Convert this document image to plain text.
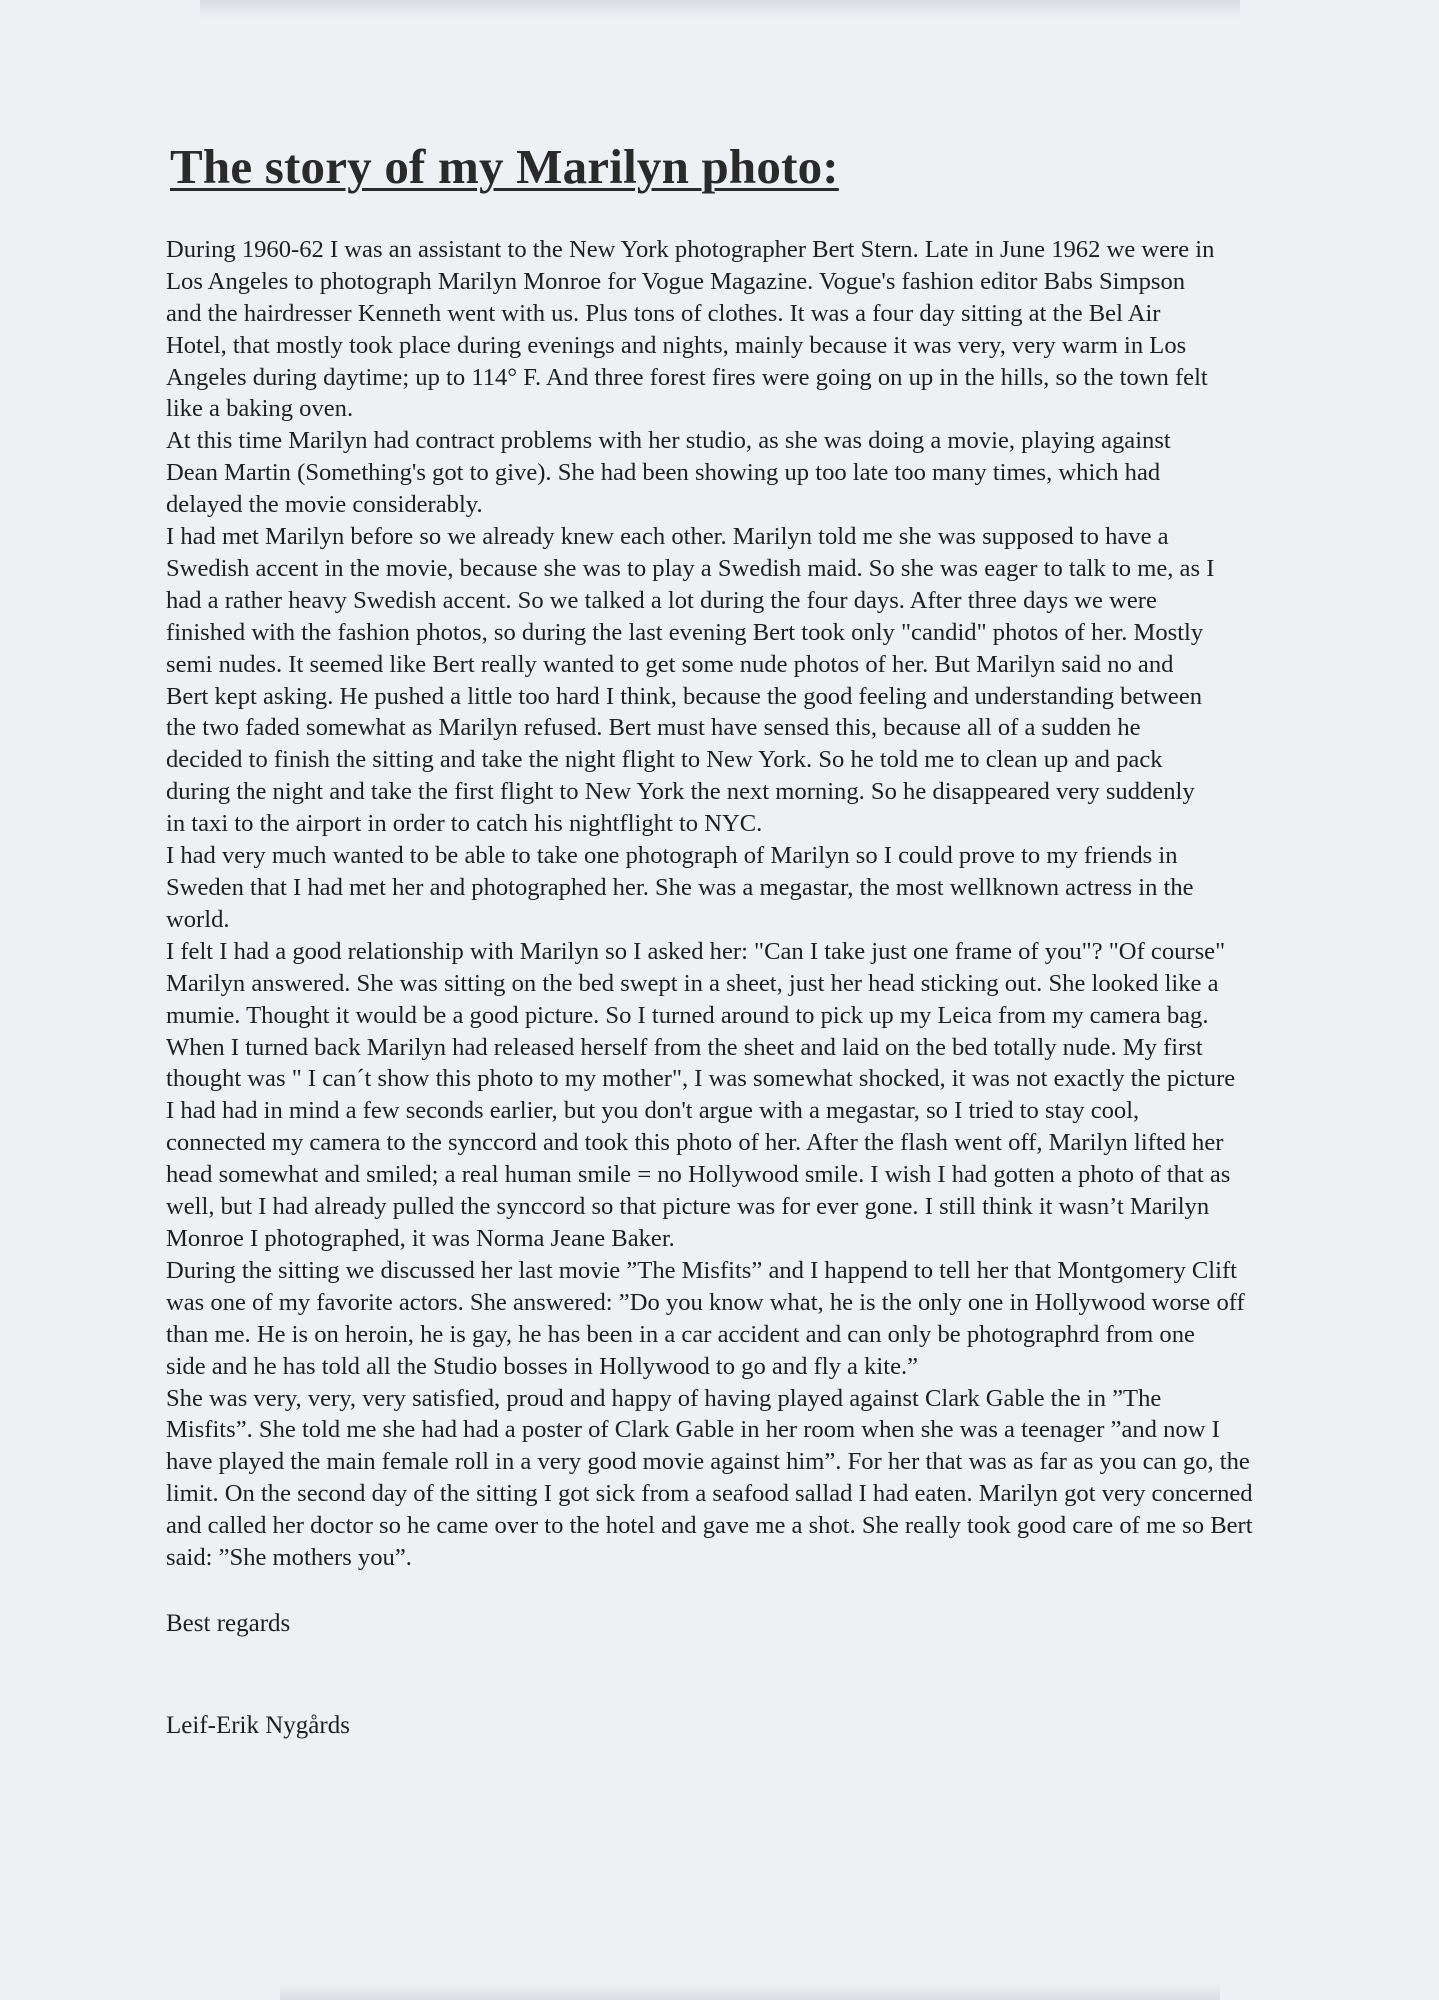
The story of my Marilyn photo:

During 1960-62 I was an assistant to the New York photographer Bert Stern. Late in June 1962 we were in
Los Angeles to photograph Marilyn Monroe for Vogue Magazine. Vogue's fashion editor Babs Simpson
and the hairdresser Kenneth went with us. Plus tons of clothes. It was a four day sitting at the Bel Air
Hotel, that mostly took place during evenings and nights, mainly because it was very, very warm in Los
Angeles during daytime; up to 114° F. And three forest fires were going on up in the hills, so the town felt
like a baking oven.

At this time Marilyn had contract problems with her studio, as she was doing a movie, playing against
Dean Martin (Something's got to give). She had been showing up too late too many times, which had
delayed the movie considerably.

I had met Marilyn before so we already knew each other. Marilyn told me she was supposed to have a
Swedish accent in the movie, because she was to play a Swedish maid. So she was eager to talk to me, as I
had a rather heavy Swedish accent. So we talked a lot during the four days. After three days we were
finished with the fashion photos, so during the last evening Bert took only "candid" photos of her. Mostly
semi nudes. It seemed like Bert really wanted to get some nude photos of her. But Marilyn said no and
Bert kept asking. He pushed a little too hard I think, because the good feeling and understanding between
the two faded somewhat as Marilyn refused. Bert must have sensed this, because all of a sudden he
decided to finish the sitting and take the night flight to New York. So he told me to clean up and pack
during the night and take the first flight to New York the next morning. So he disappeared very suddenly
in taxi to the airport in order to catch his nightflight to NYC.

I had very much wanted to be able to take one photograph of Marilyn so I could prove to my friends in
Sweden that I had met her and photographed her. She was a megastar, the most wellknown actress in the
world.

I felt I had a good relationship with Marilyn so I asked her: "Can I take just one frame of you"? "Of course"
Marilyn answered. She was sitting on the bed swept in a sheet, just her head sticking out. She looked like a
mumie. Thought it would be a good picture. So I turned around to pick up my Leica from my camera bag.
When I turned back Marilyn had released herself from the sheet and laid on the bed totally nude. My first
thought was " I can´t show this photo to my mother", I was somewhat shocked, it was not exactly the picture
I had had in mind a few seconds earlier, but you don't argue with a megastar, so I tried to stay cool,
connected my camera to the synccord and took this photo of her. After the flash went off, Marilyn lifted her
head somewhat and smiled; a real human smile = no Hollywood smile. I wish I had gotten a photo of that as
well, but I had already pulled the synccord so that picture was for ever gone. I still think it wasn’t Marilyn
Monroe I photographed, it was Norma Jeane Baker.

During the sitting we discussed her last movie ”The Misfits” and I happend to tell her that Montgomery Clift
was one of my favorite actors. She answered: ”Do you know what, he is the only one in Hollywood worse off
than me. He is on heroin, he is gay, he has been in a car accident and can only be photographrd from one
side and he has told all the Studio bosses in Hollywood to go and fly a kite.”

She was very, very, very satisfied, proud and happy of having played against Clark Gable the in ”The
Misfits”. She told me she had had a poster of Clark Gable in her room when she was a teenager ”and now I
have played the main female roll in a very good movie against him”. For her that was as far as you can go, the
limit. On the second day of the sitting I got sick from a seafood sallad I had eaten. Marilyn got very concerned
and called her doctor so he came over to the hotel and gave me a shot. She really took good care of me so Bert
said: ”She mothers you”.

Best regards

Leif-Erik Nygårds
